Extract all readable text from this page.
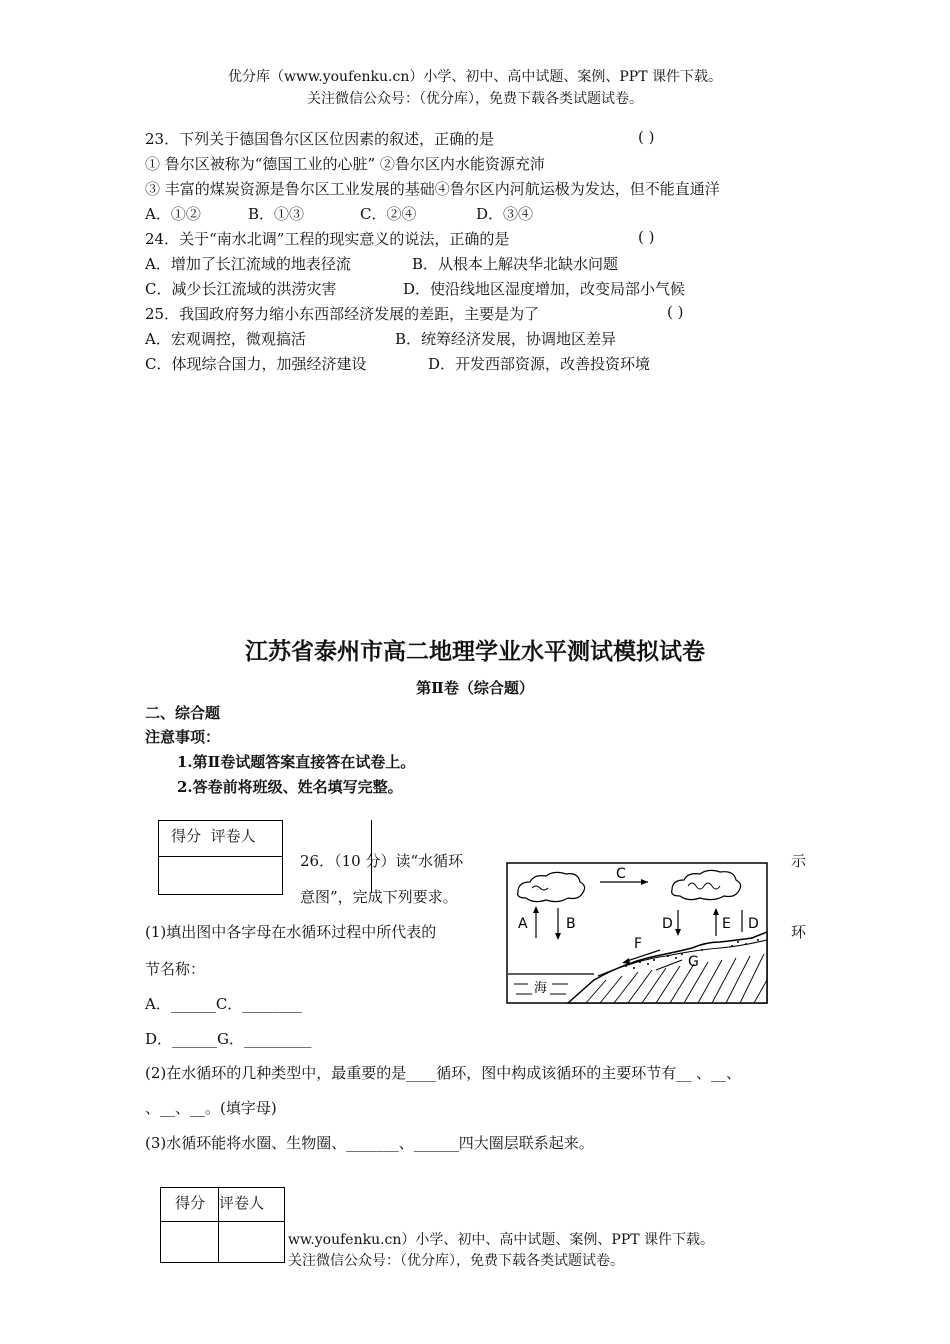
优分库（www.youfenku.cn）小学、初中、高中试题、案例、PPT 课件下载。
关注微信公众号：（优分库），免费下载各类试题试卷。
23．下列关于德国鲁尔区区位因素的叙述，正确的是	( )
① 鲁尔区被称为“德国工业的心脏” ②鲁尔区内水能资源充沛
③ 丰富的煤炭资源是鲁尔区工业发展的基础④鲁尔区内河航运极为发达，但不能直通洋
A．①②	B．①③	C．②④	D．③④
24．关于“南水北调”工程的现实意义的说法，正确的是	( )
A．增加了长江流域的地表径流	B．从根本上解决华北缺水问题
C．减少长江流域的洪涝灾害	D．使沿线地区湿度增加，改变局部小气候
25．我国政府努力缩小东西部经济发展的差距，主要是为了	( )
A．宏观调控，微观搞活	B．统筹经济发展，协调地区差异
C．体现综合国力，加强经济建设	D．开发西部资源，改善投资环境
江苏省泰州市高二地理学业水平测试模拟试卷
第Ⅱ卷（综合题）
二、综合题
注意事项：
1.第Ⅱ卷试题答案直接答在试卷上。
2.答卷前将班级、姓名填写完整。
得分 评卷人

26．（10 分）读“水循环	示
意图”，完成下列要求。
(1)填出图中各字母在水循环过程中所代表的	环
节名称：
A．______C．________
D．______G．_________
(2)在水循环的几种类型中，最重要的是____循环，图中构成该循环的主要环节有__ 、__、
、__、__。(填字母)
(3)水循环能将水圈、生物圈、_______、______四大圈层联系起来。
C
A	B	D	E D
海
F
G
得分	评卷人

ww.youfenku.cn）小学、初中、高中试题、案例、PPT 课件下载。
关注微信公众号：（优分库），免费下载各类试题试卷。
